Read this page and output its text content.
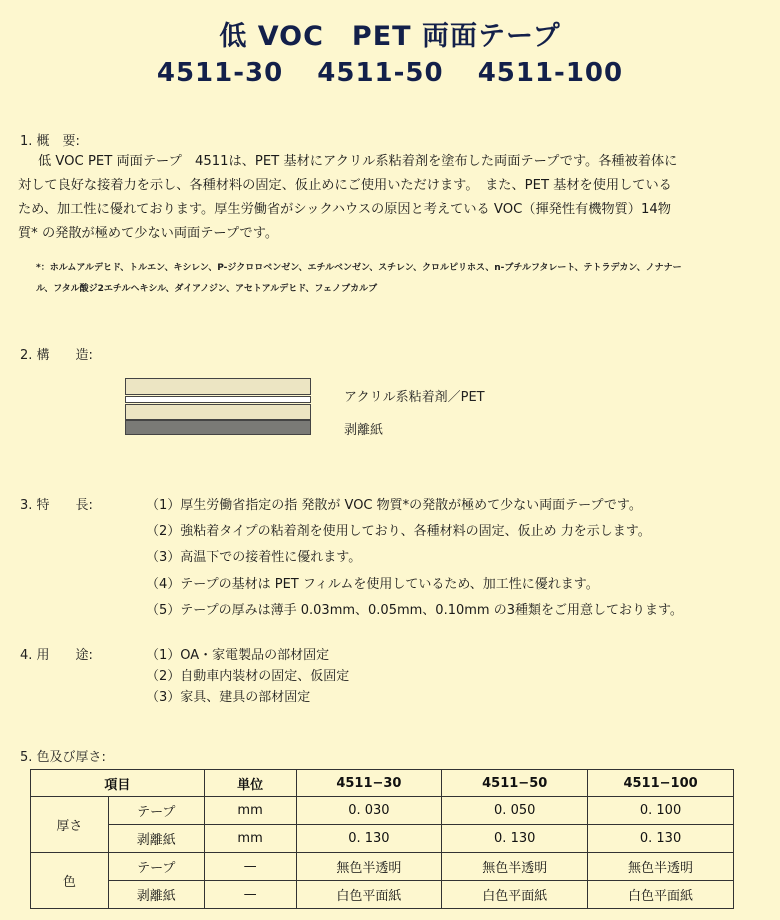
低 VOC　PET 両面テープ
4511-30 4511-50 4511-100
1. 概　要:
低 VOC PET 両面テープ　4511は、PET 基材にアクリル系粘着剤を塗布した両面テープです。各種被着体に
対して良好な接着力を示し、各種材料の固定、仮止めにご使用いただけます。　また、PET 基材を使用している
ため、加工性に優れております。厚生労働省がシックハウスの原因と考えている VOC（揮発性有機物質）14物
質* の発散が極めて少ない両面テープです。
*：ホルムアルデヒド、トルエン、キシレン、P-ジクロロベンゼン、エチルベンゼン、スチレン、クロルピリホス、n-ブチルフタレート、テトラデカン、ノナナー
ル、フタル酸ジ2エチルヘキシル、ダイアノジン、アセトアルデヒド、フェノブカルブ
2. 構　　造:
アクリル系粘着剤／PET
剥離紙
3. 特　　長:	（1）厚生労働省指定の指 発散が VOC 物質*の発散が極めて少ない両面テープです。
（2）強粘着タイプの粘着剤を使用しており、各種材料の固定、仮止め 力を示します。
（3）高温下での接着性に優れます。
（4）テープの基材は PET フィルムを使用しているため、加工性に優れます。
（5）テープの厚みは薄手 0.03mm、0.05mm、0.10mm の3種類をご用意しております。
4. 用　　途:	（1）OA・家電製品の部材固定
（2）自動車内装材の固定、仮固定
（3）家具、建具の部材固定
5. 色及び厚さ:
項目		単位	4511−30	4511−50	4511−100
厚さ	テープ	mm	0. 030	0. 050	0. 100
	剥離紙	mm	0. 130	0. 130	0. 130
色	テープ	—	無色半透明	無色半透明	無色半透明
	剥離紙	—	白色平面紙	白色平面紙	白色平面紙
